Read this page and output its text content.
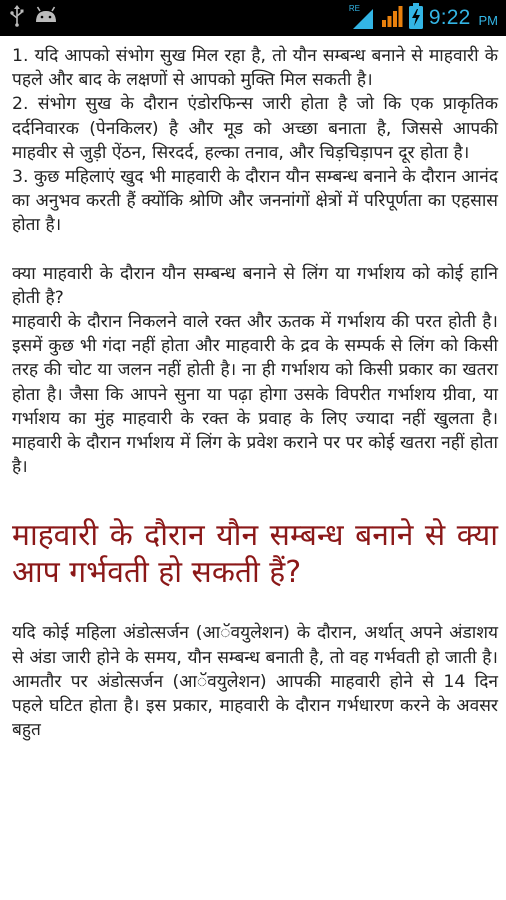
RE	9:22 PM

1. यदि आपको संभोग सुख मिल रहा है, तो यौन सम्बन्ध बनाने से माहवारी के पहले और बाद के लक्षणों से आपको मुक्ति मिल सकती है।

2. संभोग सुख के दौरान एंडोरफिन्स जारी होता है जो कि एक प्राकृतिक दर्दनिवारक (पेनकिलर) है और मूड को अच्छा बनाता है, जिससे आपकी माहवीर से जुड़ी ऐंठन, सिरदर्द, हल्का तनाव, और चिड़चिड़ापन दूर होता है।

3. कुछ महिलाएं खुद भी माहवारी के दौरान यौन सम्बन्ध बनाने के दौरान आनंद का अनुभव करती हैं क्योंकि श्रोणि और जननांगों क्षेत्रों में परिपूर्णता का एहसास होता है।

क्या माहवारी के दौरान यौन सम्बन्ध बनाने से लिंग या गर्भाशय को कोई हानि होती है?

माहवारी के दौरान निकलने वाले रक्त और ऊतक में गर्भाशय की परत होती है। इसमें कुछ भी गंदा नहीं होता और माहवारी के द्रव के सम्पर्क से लिंग को किसी तरह की चोट या जलन नहीं होती है। ना ही गर्भाशय को किसी प्रकार का खतरा होता है। जैसा कि आपने सुना या पढ़ा होगा उसके विपरीत गर्भाशय ग्रीवा, या गर्भाशय का मुंह माहवारी के रक्त के प्रवाह के लिए ज्यादा नहीं खुलता है। माहवारी के दौरान गर्भाशय में लिंग के प्रवेश कराने पर पर कोई खतरा नहीं होता है।

माहवारी के दौरान यौन सम्बन्ध बनाने से क्या आप गर्भवती हो सकती हैं?

यदि कोई महिला अंडोत्सर्जन (आॅवयुलेशन) के दौरान, अर्थात् अपने अंडाशय से अंडा जारी होने के समय, यौन सम्बन्ध बनाती है, तो वह गर्भवती हो जाती है। आमतौर पर अंडोत्सर्जन (आॅवयुलेशन) आपकी माहवारी होने से 14 दिन पहले घटित होता है। इस प्रकार, माहवारी के दौरान गर्भधारण करने के अवसर बहुत
